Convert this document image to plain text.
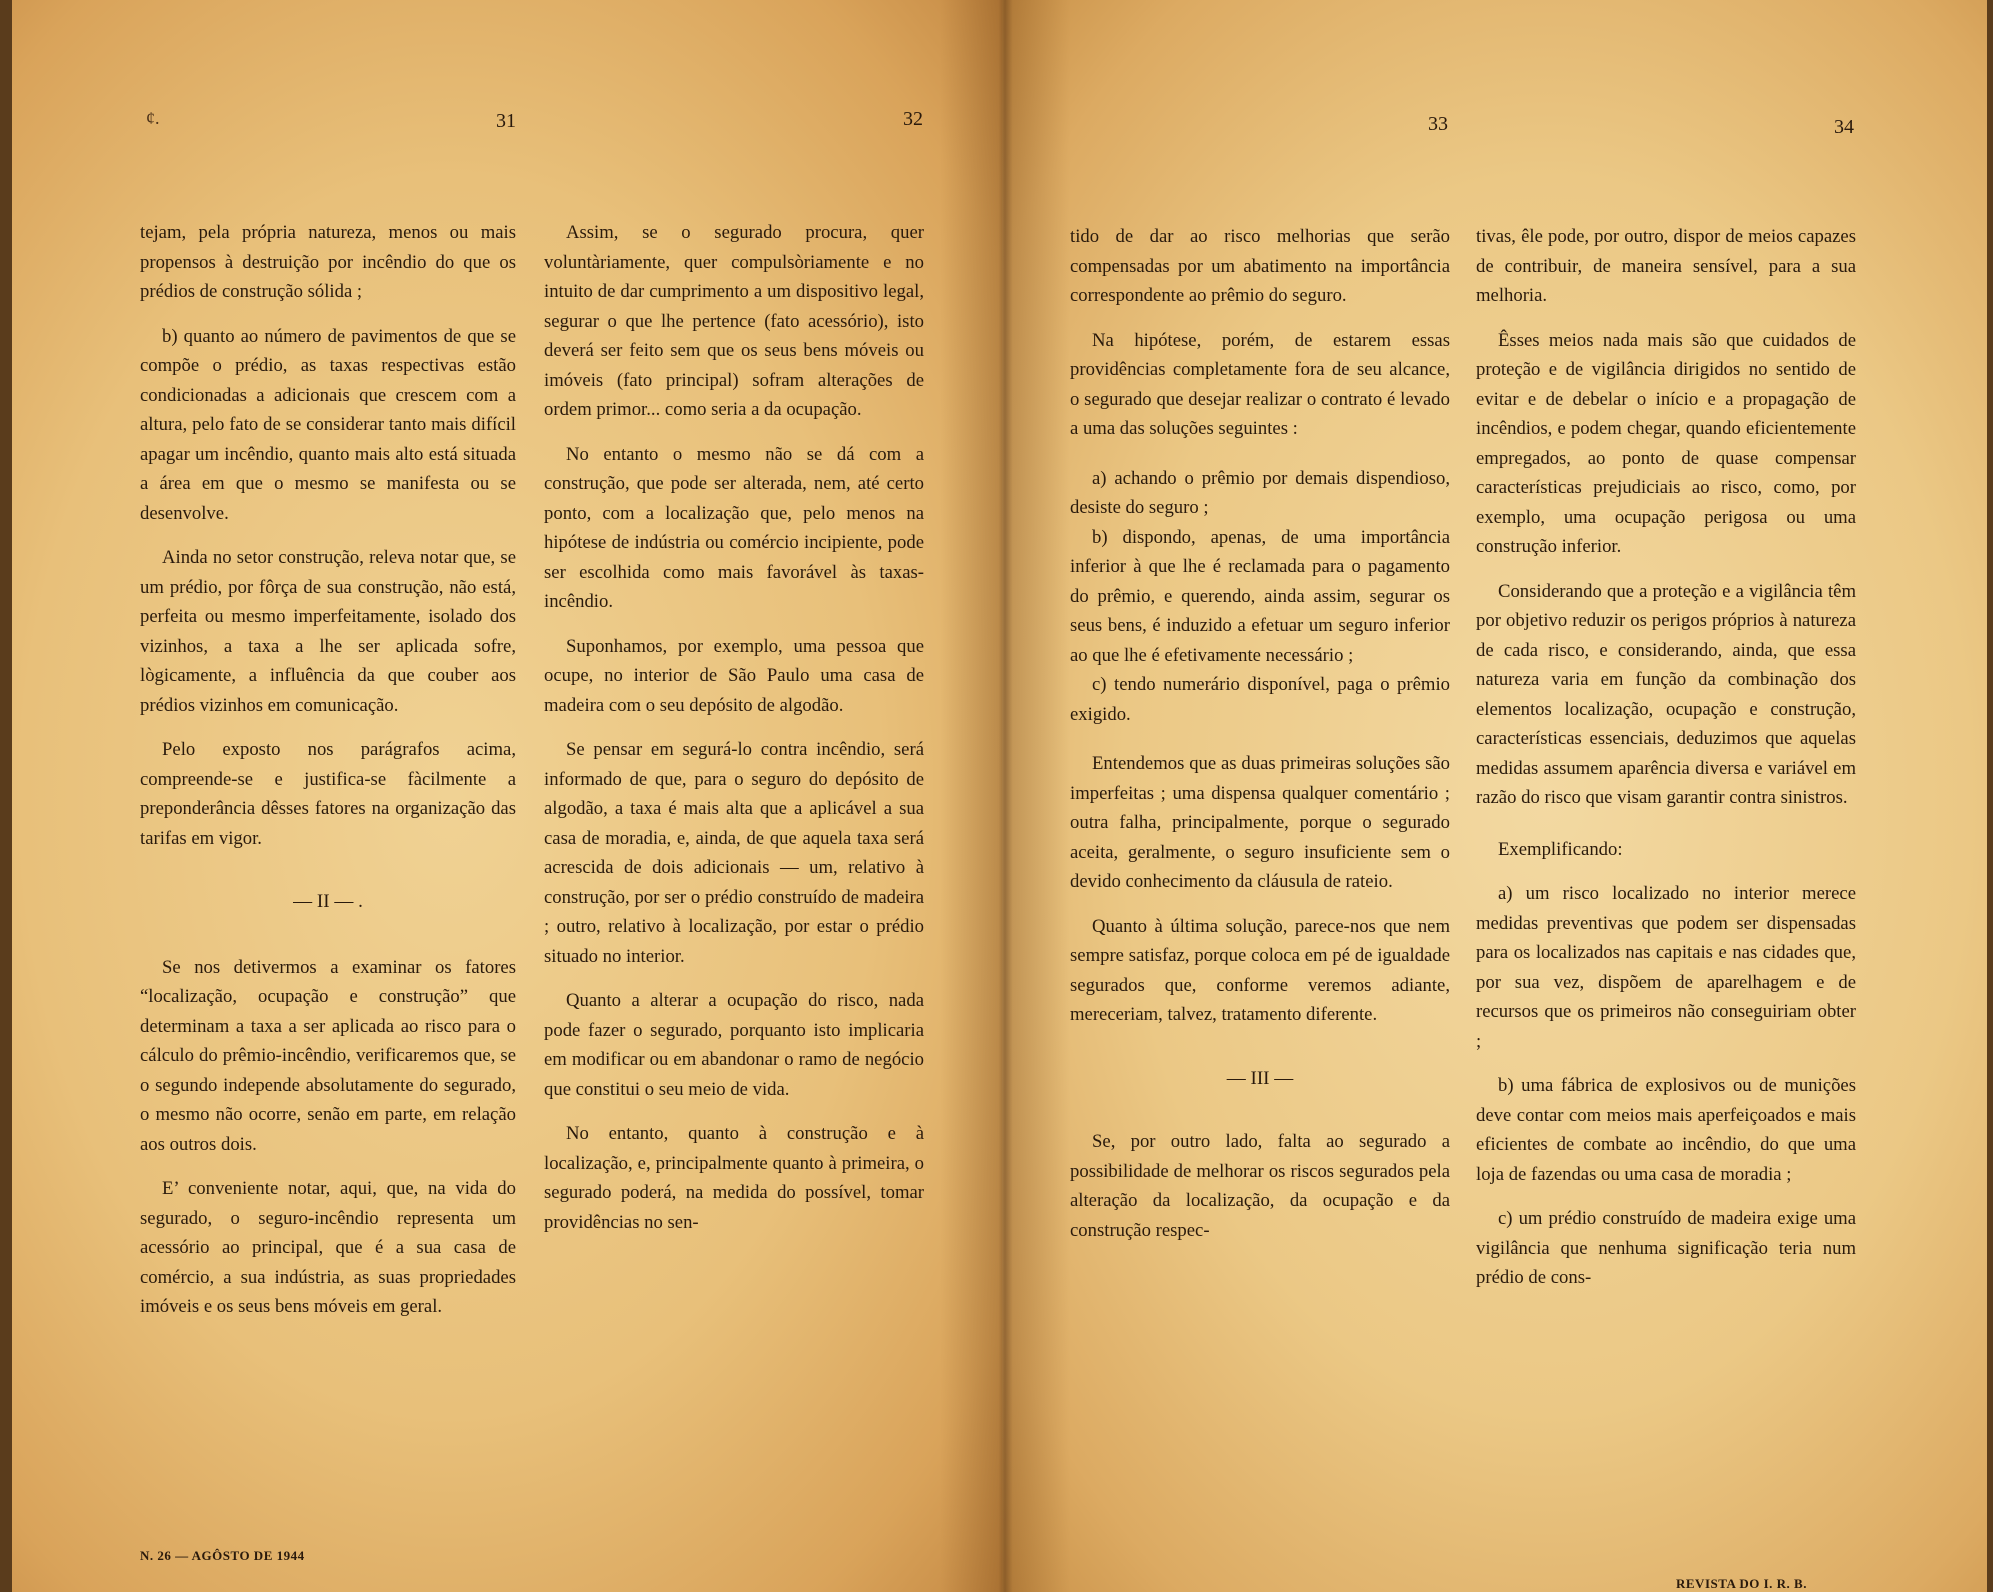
¢.	31	32	33	34

tejam, pela própria natureza, menos ou mais propensos à destruição por incêndio do que os prédios de construção sólida ;

b) quanto ao número de pavimentos de que se compõe o prédio, as taxas respectivas estão condicionadas a adicionais que crescem com a altura, pelo fato de se considerar tanto mais difícil apagar um incêndio, quanto mais alto está situada a área em que o mesmo se manifesta ou se desenvolve.

Ainda no setor construção, releva notar que, se um prédio, por fôrça de sua construção, não está, perfeita ou mesmo imperfeitamente, isolado dos vizinhos, a taxa a lhe ser aplicada sofre, lògicamente, a influência da que couber aos prédios vizinhos em comunicação.

Pelo exposto nos parágrafos acima, compreende-se e justifica-se fàcilmente a preponderância dêsses fatores na organização das tarifas em vigor.

— II — .

Se nos detivermos a examinar os fatores “localização, ocupação e construção” que determinam a taxa a ser aplicada ao risco para o cálculo do prêmio-incêndio, verificaremos que, se o segundo independe absolutamente do segurado, o mesmo não ocorre, senão em parte, em relação aos outros dois.

E’ conveniente notar, aqui, que, na vida do segurado, o seguro-incêndio representa um acessório ao principal, que é a sua casa de comércio, a sua indústria, as suas propriedades imóveis e os seus bens móveis em geral.

Assim, se o segurado procura, quer voluntàriamente, quer compulsòriamente e no intuito de dar cumprimento a um dispositivo legal, segurar o que lhe pertence (fato acessório), isto deverá ser feito sem que os seus bens móveis ou imóveis (fato principal) sofram alterações de ordem primor... como seria a da ocupação.

No entanto o mesmo não se dá com a construção, que pode ser alterada, nem, até certo ponto, com a localização que, pelo menos na hipótese de indústria ou comércio incipiente, pode ser escolhida como mais favorável às taxas-incêndio.

Suponhamos, por exemplo, uma pessoa que ocupe, no interior de São Paulo uma casa de madeira com o seu depósito de algodão.

Se pensar em segurá-lo contra incêndio, será informado de que, para o seguro do depósito de algodão, a taxa é mais alta que a aplicável a sua casa de moradia, e, ainda, de que aquela taxa será acrescida de dois adicionais — um, relativo à construção, por ser o prédio construído de madeira ; outro, relativo à localização, por estar o prédio situado no interior.

Quanto a alterar a ocupação do risco, nada pode fazer o segurado, porquanto isto implicaria em modificar ou em abandonar o ramo de negócio que constitui o seu meio de vida.

No entanto, quanto à construção e à localização, e, principalmente quanto à primeira, o segurado poderá, na medida do possível, tomar providências no sen-

tido de dar ao risco melhorias que serão compensadas por um abatimento na importância correspondente ao prêmio do seguro.

Na hipótese, porém, de estarem essas providências completamente fora de seu alcance, o segurado que desejar realizar o contrato é levado a uma das soluções seguintes :

a) achando o prêmio por demais dispendioso, desiste do seguro ;

b) dispondo, apenas, de uma importância inferior à que lhe é reclamada para o pagamento do prêmio, e querendo, ainda assim, segurar os seus bens, é induzido a efetuar um seguro inferior ao que lhe é efetivamente necessário ;

c) tendo numerário disponível, paga o prêmio exigido.

Entendemos que as duas primeiras soluções são imperfeitas ; uma dispensa qualquer comentário ; outra falha, principalmente, porque o segurado aceita, geralmente, o seguro insuficiente sem o devido conhecimento da cláusula de rateio.

Quanto à última solução, parece-nos que nem sempre satisfaz, porque coloca em pé de igualdade segurados que, conforme veremos adiante, mereceriam, talvez, tratamento diferente.

— III —

Se, por outro lado, falta ao segurado a possibilidade de melhorar os riscos segurados pela alteração da localização, da ocupação e da construção respec-

tivas, êle pode, por outro, dispor de meios capazes de contribuir, de maneira sensível, para a sua melhoria.

Êsses meios nada mais são que cuidados de proteção e de vigilância dirigidos no sentido de evitar e de debelar o início e a propagação de incêndios, e podem chegar, quando eficientemente empregados, ao ponto de quase compensar características prejudiciais ao risco, como, por exemplo, uma ocupação perigosa ou uma construção inferior.

Considerando que a proteção e a vigilância têm por objetivo reduzir os perigos próprios à natureza de cada risco, e considerando, ainda, que essa natureza varia em função da combinação dos elementos localização, ocupação e construção, características essenciais, deduzimos que aquelas medidas assumem aparência diversa e variável em razão do risco que visam garantir contra sinistros.

Exemplificando:

a) um risco localizado no interior merece medidas preventivas que podem ser dispensadas para os localizados nas capitais e nas cidades que, por sua vez, dispõem de aparelhagem e de recursos que os primeiros não conseguiriam obter ;

b) uma fábrica de explosivos ou de munições deve contar com meios mais aperfeiçoados e mais eficientes de combate ao incêndio, do que uma loja de fazendas ou uma casa de moradia ;

c) um prédio construído de madeira exige uma vigilância que nenhuma significação teria num prédio de cons-

N. 26 — AGÔSTO DE 1944
REVISTA DO I. R. B.
